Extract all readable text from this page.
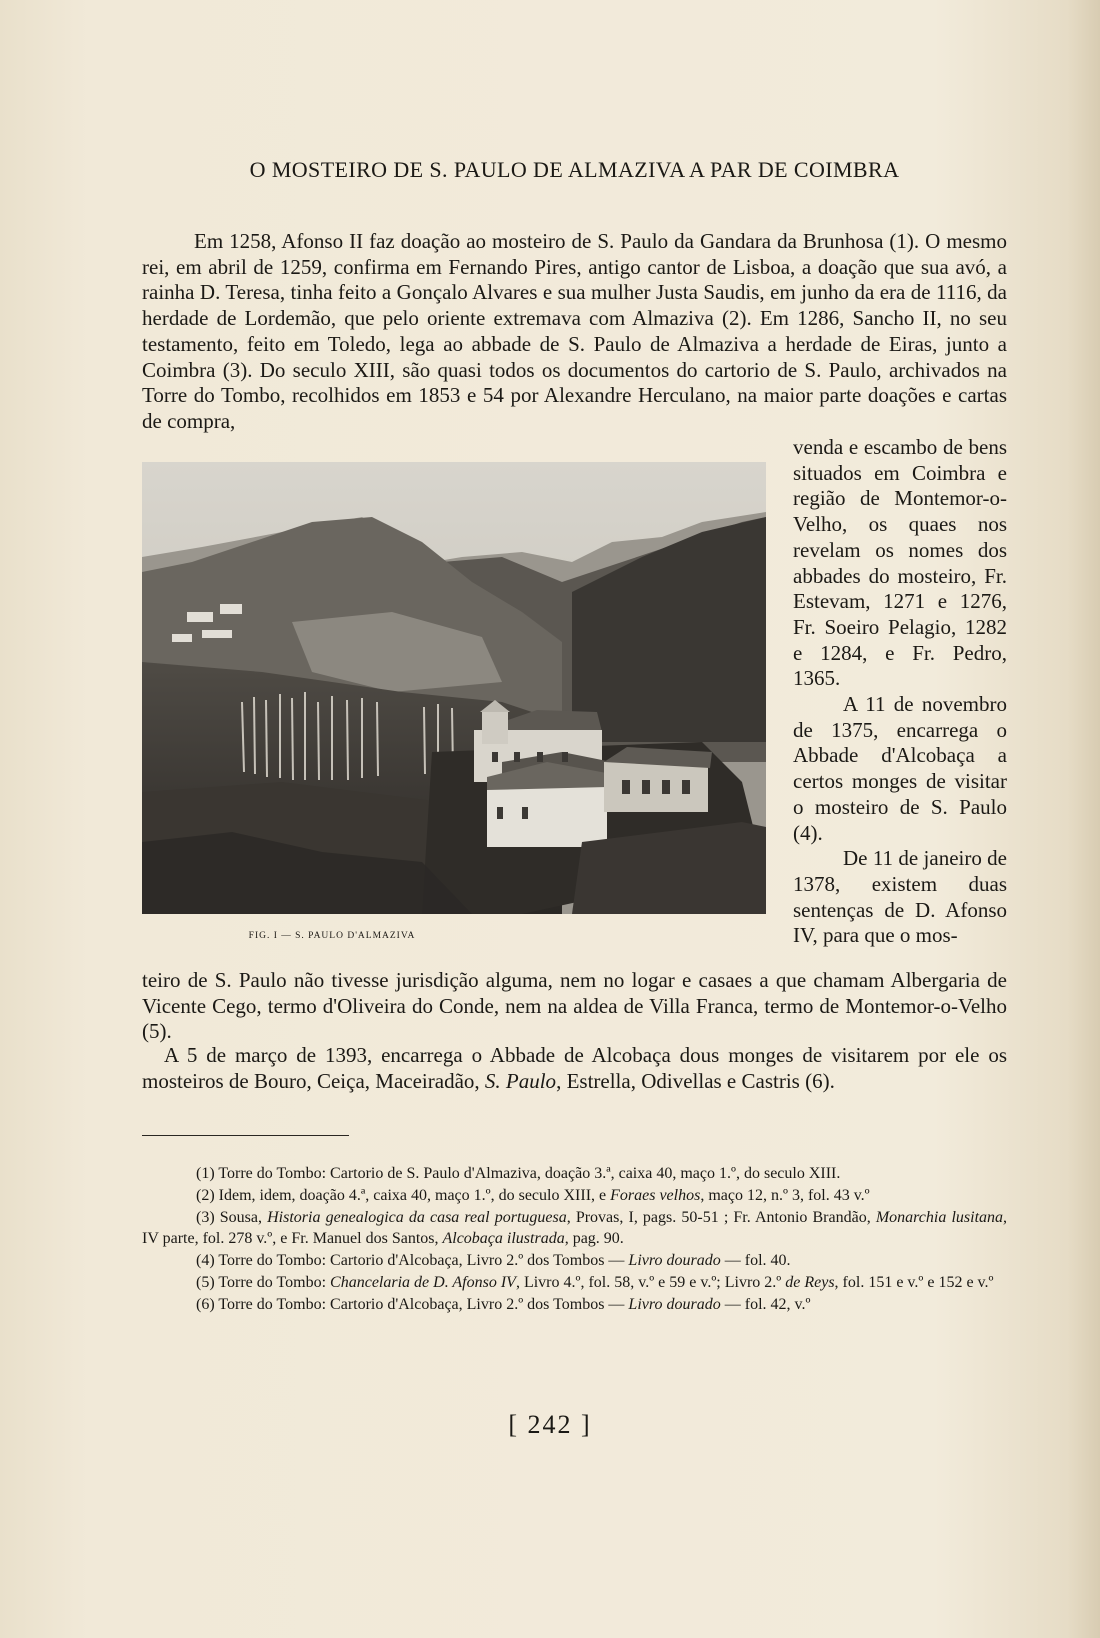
O MOSTEIRO DE S. PAULO DE ALMAZIVA A PAR DE COIMBRA

Em 1258, Afonso II faz doação ao mosteiro de S. Paulo da Gandara da Brunhosa (1). O mesmo rei, em abril de 1259, confirma em Fernando Pires, antigo cantor de Lisboa, a doação que sua avó, a rainha D. Teresa, tinha feito a Gonçalo Alvares e sua mulher Justa Saudis, em junho da era de 1116, da herdade de Lordemão, que pelo oriente extremava com Almaziva (2). Em 1286, Sancho II, no seu testamento, feito em Toledo, lega ao abbade de S. Paulo de Almaziva a herdade de Eiras, junto a Coimbra (3). Do seculo XIII, são quasi todos os documentos do cartorio de S. Paulo, archivados na Torre do Tombo, recolhidos em 1853 e 54 por Alexandre Herculano, na maior parte doações e cartas de compra,

FIG. I — S. PAULO D'ALMAZIVA

venda e escambo de bens situados em Coimbra e região de Montemor-o-Velho, os quaes nos revelam os nomes dos abbades do mosteiro, Fr. Estevam, 1271 e 1276, Fr. Soeiro Pelagio, 1282 e 1284, e Fr. Pedro, 1365.

A 11 de novembro de 1375, encarrega o Abbade d'Alcobaça a certos monges de visitar o mosteiro de S. Paulo (4).

De 11 de janeiro de 1378, existem duas sentenças de D. Afonso IV, para que o mos-

teiro de S. Paulo não tivesse jurisdição alguma, nem no logar e casaes a que chamam Albergaria de Vicente Cego, termo d'Oliveira do Conde, nem na aldea de Villa Franca, termo de Montemor-o-Velho (5).

A 5 de março de 1393, encarrega o Abbade de Alcobaça dous monges de visitarem por ele os mosteiros de Bouro, Ceiça, Maceiradão, S. Paulo, Estrella, Odivellas e Castris (6).

(1) Torre do Tombo: Cartorio de S. Paulo d'Almaziva, doação 3.ª, caixa 40, maço 1.º, do seculo XIII.

(2) Idem, idem, doação 4.ª, caixa 40, maço 1.º, do seculo XIII, e Foraes velhos, maço 12, n.º 3, fol. 43 v.º

(3) Sousa, Historia genealogica da casa real portuguesa, Provas, I, pags. 50-51 ; Fr. Antonio Brandão, Monarchia lusitana, IV parte, fol. 278 v.º, e Fr. Manuel dos Santos, Alcobaça ilustrada, pag. 90.

(4) Torre do Tombo: Cartorio d'Alcobaça, Livro 2.º dos Tombos — Livro dourado — fol. 40.

(5) Torre do Tombo: Chancelaria de D. Afonso IV, Livro 4.º, fol. 58, v.º e 59 e v.º; Livro 2.º de Reys, fol. 151 e v.º e 152 e v.º

(6) Torre do Tombo: Cartorio d'Alcobaça, Livro 2.º dos Tombos — Livro dourado — fol. 42, v.º

[ 242 ]
